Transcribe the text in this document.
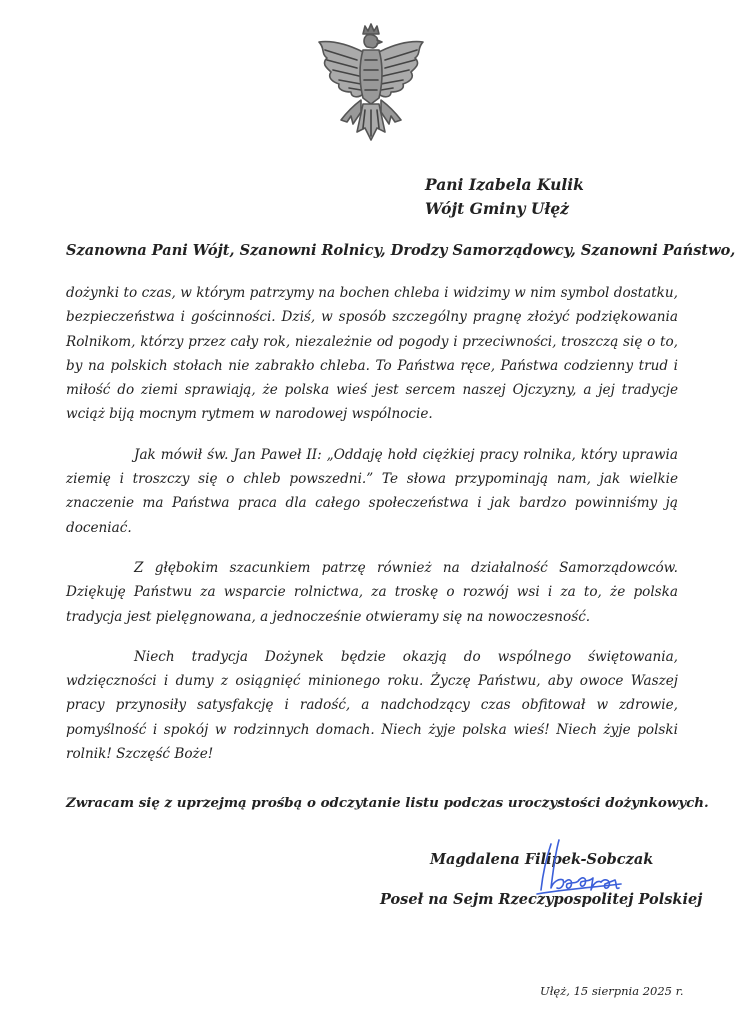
Pani Izabela Kulik
Wójt Gminy Ułęż
Szanowna Pani Wójt, Szanowni Rolnicy, Drodzy Samorządowcy, Szanowni Państwo,

dożynki to czas, w którym patrzymy na bochen chleba i widzimy w nim symbol dostatku, bezpieczeństwa i gościnności. Dziś, w sposób szczególny pragnę złożyć podziękowania Rolnikom, którzy przez cały rok, niezależnie od pogody i przeciwności, troszczą się o to, by na polskich stołach nie zabrakło chleba. To Państwa ręce, Państwa codzienny trud i miłość do ziemi sprawiają, że polska wieś jest sercem naszej Ojczyzny, a jej tradycje wciąż biją mocnym rytmem w narodowej wspólnocie.

Jak mówił św. Jan Paweł II: „Oddaję hołd ciężkiej pracy rolnika, który uprawia ziemię i troszczy się o chleb powszedni.” Te słowa przypominają nam, jak wielkie znaczenie ma Państwa praca dla całego społeczeństwa i jak bardzo powinniśmy ją doceniać.

Z głębokim szacunkiem patrzę również na działalność Samorządowców. Dziękuję Państwu za wsparcie rolnictwa, za troskę o rozwój wsi i za to, że polska tradycja jest pielęgnowana, a jednocześnie otwieramy się na nowoczesność.

Niech tradycja Dożynek będzie okazją do wspólnego świętowania, wdzięczności i dumy z osiągnięć minionego roku. Życzę Państwu, aby owoce Waszej pracy przynosiły satysfakcję i radość, a nadchodzący czas obfitował w zdrowie, pomyślność i spokój w rodzinnych domach. Niech żyje polska wieś! Niech żyje polski rolnik! Szczęść Boże!

Zwracam się z uprzejmą prośbą o odczytanie listu podczas uroczystości dożynkowych.
Magdalena Filipek-Sobczak
Poseł na Sejm Rzeczypospolitej Polskiej
Ułęż, 15 sierpnia 2025 r.
